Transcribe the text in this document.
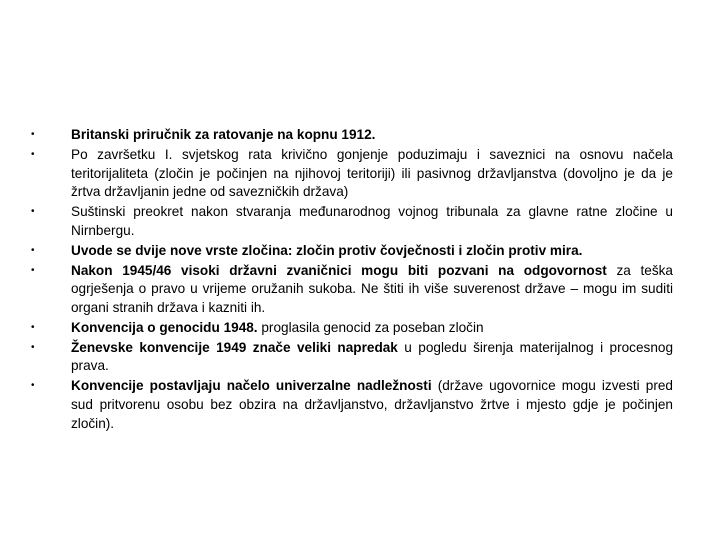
•	Britanski priručnik za ratovanje na kopnu 1912.
•	Po završetku I. svjetskog rata krivično gonjenje poduzimaju i saveznici na osnovu načela teritorijaliteta (zločin je počinjen na njihovoj teritoriji) ili pasivnog državljanstva (dovoljno je da je žrtva državljanin jedne od savezničkih država)
•	Suštinski preokret nakon stvaranja međunarodnog vojnog tribunala za glavne ratne zločine u Nirnbergu.
•	Uvode se dvije nove vrste zločina: zločin protiv čovječnosti i zločin protiv mira.
•	Nakon 1945/46 visoki državni zvaničnici mogu biti pozvani na odgovornost za teška ogrješenja o pravo u vrijeme oružanih sukoba. Ne štiti ih više suverenost države – mogu im suditi organi stranih država i kazniti ih.
•	Konvencija o genocidu 1948. proglasila genocid za poseban zločin
•	Ženevske konvencije 1949 znače veliki napredak u pogledu širenja materijalnog i procesnog prava.
•	Konvencije postavljaju načelo univerzalne nadležnosti (države ugovornice mogu izvesti pred sud pritvorenu osobu bez obzira na državljanstvo, državljanstvo žrtve i mjesto gdje je počinjen zločin).
